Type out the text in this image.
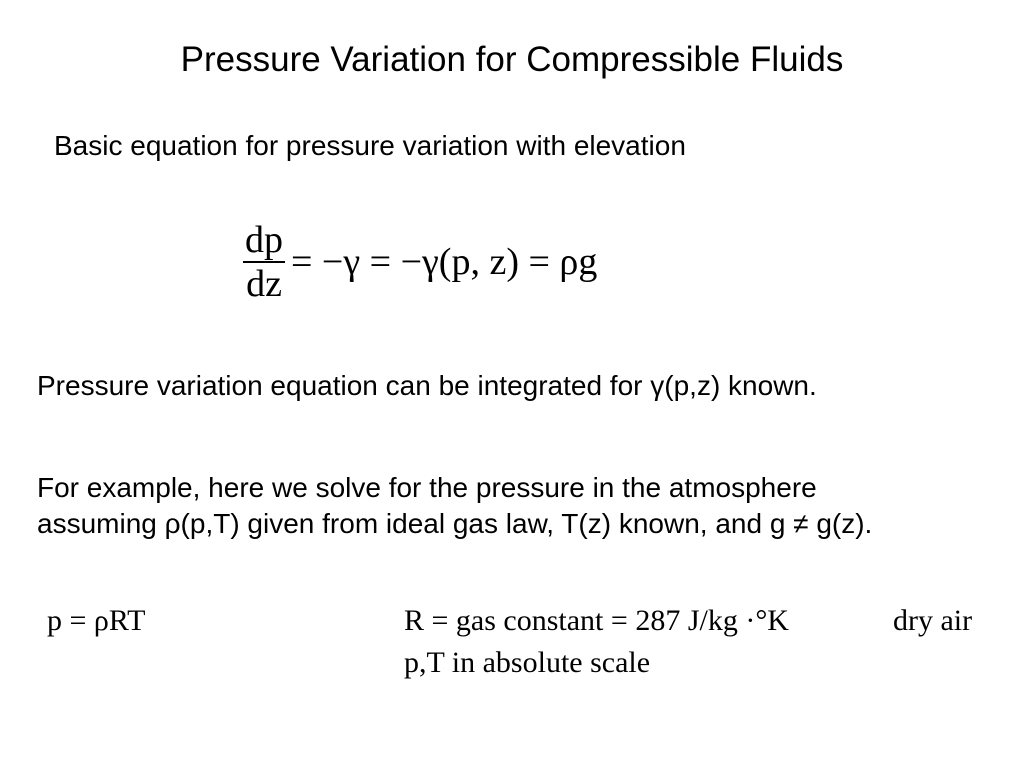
Pressure Variation for Compressible Fluids
Basic equation for pressure variation with elevation
$\frac{dp}{dz} = -\gamma = -\gamma(p$, z) = ρg
Pressure variation equation can be integrated for γ(p,z) known.
For example, here we solve for the pressure in the atmosphere assuming ρ(p,T) given from ideal gas law, T(z) known, and g ≠ g(z).
p = ρRT	R = gas constant = 287 J/kg ·°K	dry air
p,T in absolute scale
